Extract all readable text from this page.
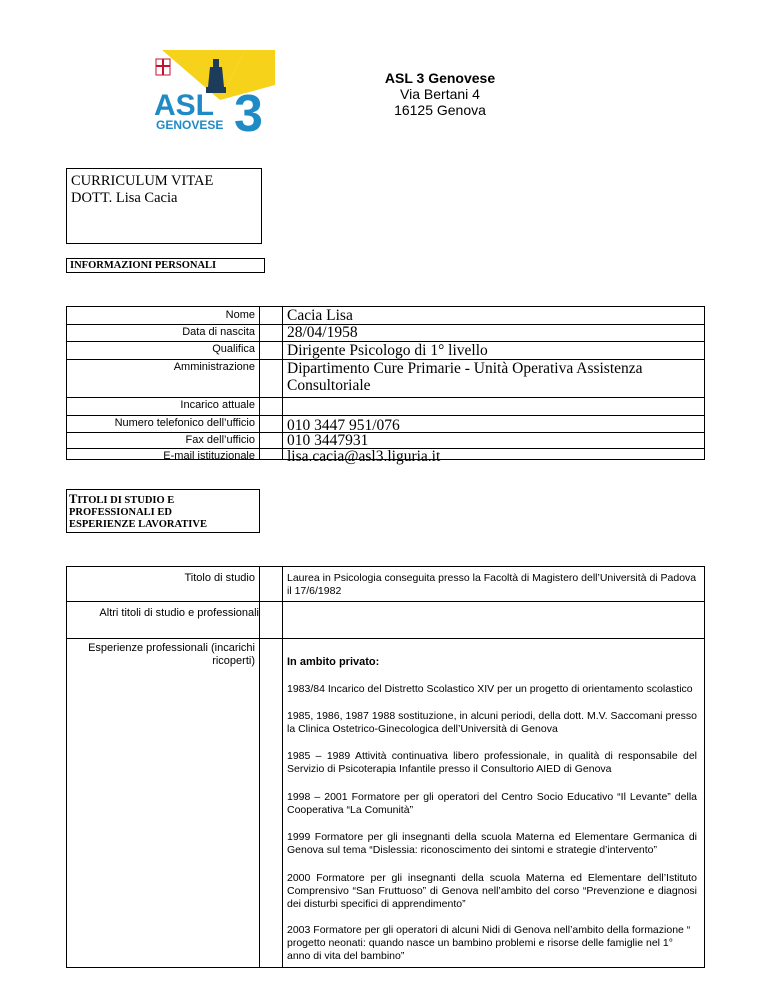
ASL 3
GENOVESE
ASL 3 Genovese
Via Bertani 4
16125 Genova
CURRICULUM VITAE
DOTT. Lisa Cacia
INFORMAZIONI PERSONALI
Nome Cacia Lisa
Data di nascita 28/04/1958
Qualifica Dirigente Psicologo di 1° livello
Amministrazione Dipartimento Cure Primarie - Unità Operativa Assistenza Consultoriale
Incarico attuale
Numero telefonico dell’ufficio 010 3447 951/076
Fax dell’ufficio 010 3447931
E-mail istituzionale lisa.cacia@asl3.liguria.it
TITOLI DI STUDIO E
PROFESSIONALI ED
ESPERIENZE LAVORATIVE
Titolo di studio	Laurea in Psicologia conseguita presso la Facoltà di Magistero dell’Università di Padova il 17/6/1982
Altri titoli di studio e professionali
Esperienze professionali (incarichi
ricoperti)	In ambito privato:
1983/84 Incarico del Distretto Scolastico XIV per un progetto di orientamento scolastico
1985, 1986, 1987 1988 sostituzione, in alcuni periodi, della dott. M.V. Saccomani presso la Clinica Ostetrico-Ginecologica dell’Università di Genova
1985 – 1989 Attività continuativa libero professionale, in qualità di responsabile del Servizio di Psicoterapia Infantile presso il Consultorio AIED di Genova
1998 – 2001 Formatore per gli operatori del Centro Socio Educativo “Il Levante” della Cooperativa “La Comunità”
1999 Formatore per gli insegnanti della scuola Materna ed Elementare Germanica di Genova sul tema “Dislessia: riconoscimento dei sintomi e strategie d’intervento”
2000 Formatore per gli insegnanti della scuola Materna ed Elementare dell’Istituto Comprensivo “San Fruttuoso” di Genova nell’ambito del corso “Prevenzione e diagnosi dei disturbi specifici di apprendimento”
2003 Formatore per gli operatori di alcuni Nidi di Genova nell’ambito della formazione “ progetto neonati: quando nasce un bambino problemi e risorse delle famiglie nel 1° anno di vita del bambino”
